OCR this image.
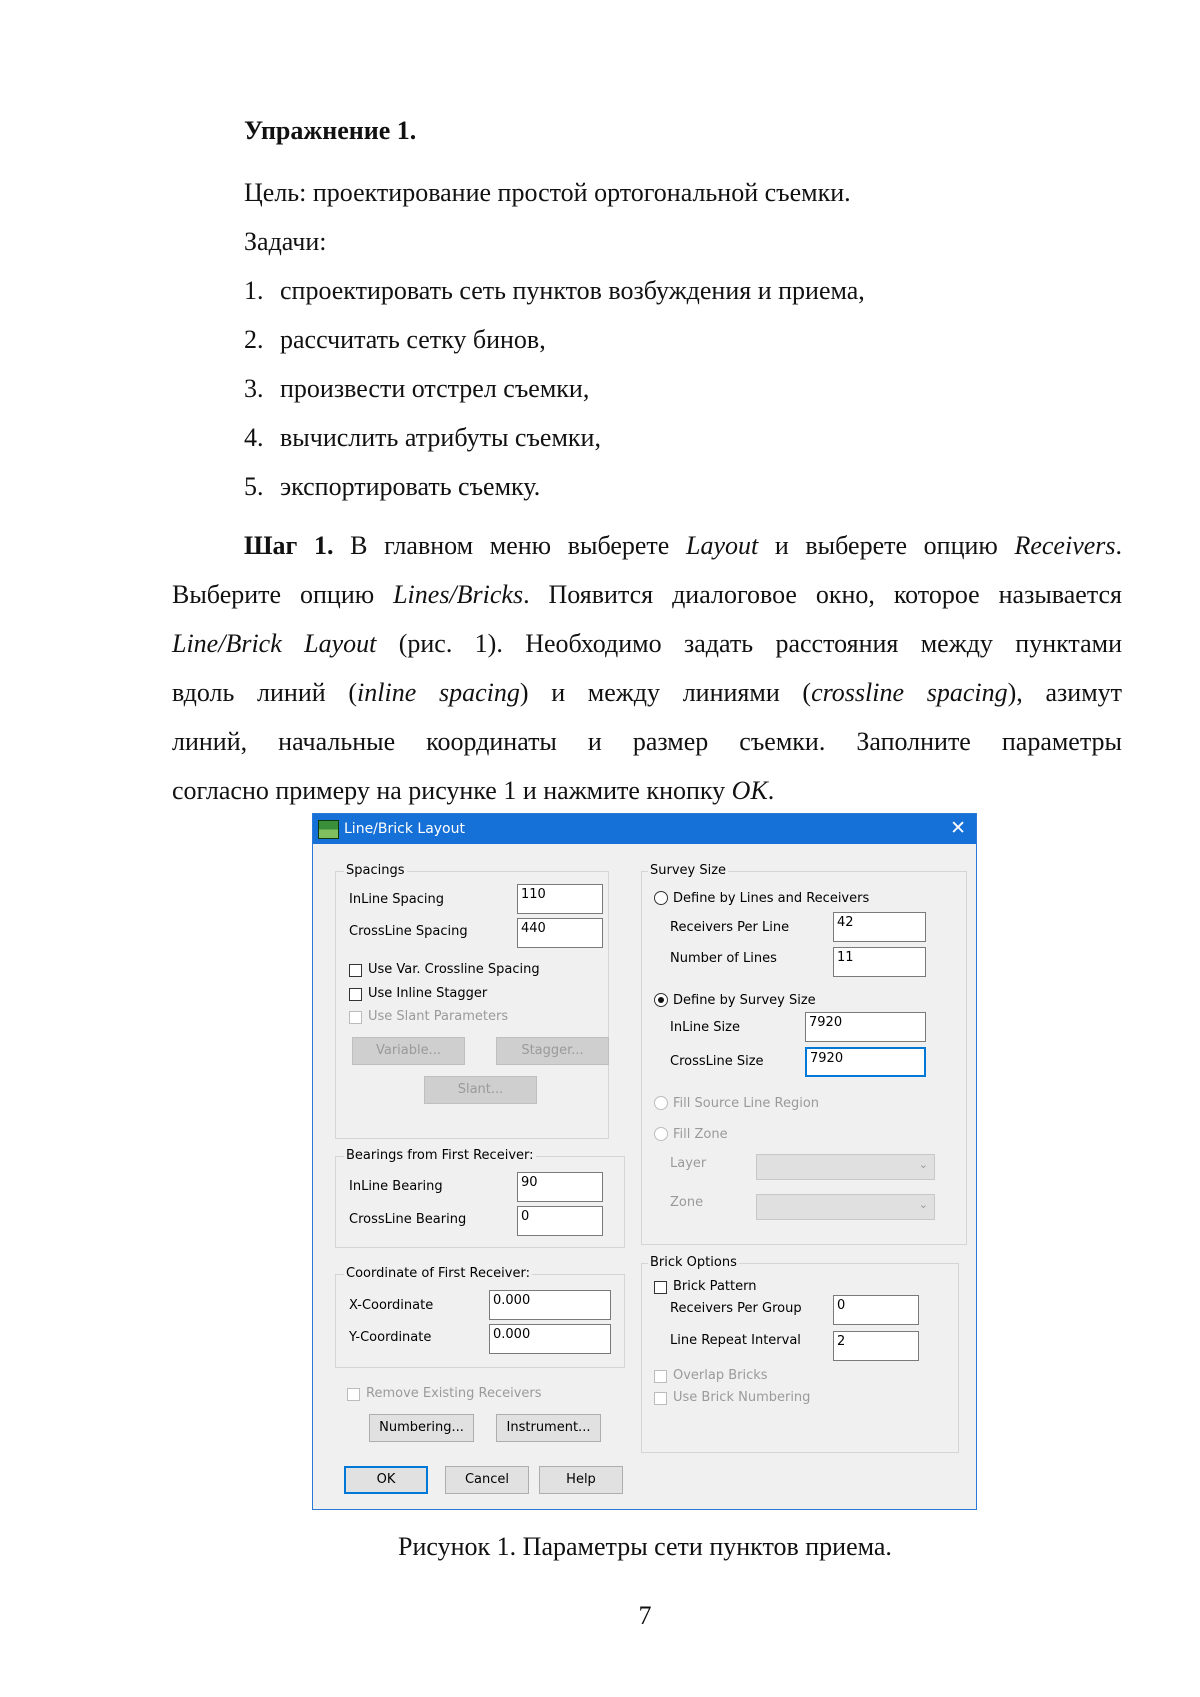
Упражнение 1.
Цель: проектирование простой ортогональной съемки.
Задачи:
1. спроектировать сеть пунктов возбуждения и приема,
2. рассчитать сетку бинов,
3. произвести отстрел съемки,
4. вычислить атрибуты съемки,
5. экспортировать съемку.
Шаг 1. В главном меню выберете Layout и выберете опцию Receivers.
Выберите опцию Lines/Bricks. Появится диалоговое окно, которое называется
Line/Brick Layout (рис. 1). Необходимо задать расстояния между пунктами
вдоль линий (inline spacing) и между линиями (crossline spacing), азимут
линий, начальные координаты и размер съемки. Заполните параметры
согласно примеру на рисунке 1 и нажмите кнопку OK.
Line/Brick Layout	✕
Spacings
InLine Spacing	110
CrossLine Spacing	440
Use Var. Crossline Spacing
Use Inline Stagger
Use Slant Parameters
Variable...	Stagger...
Slant...
Bearings from First Receiver:
InLine Bearing	90
CrossLine Bearing	0
Coordinate of First Receiver:
X-Coordinate	0.000
Y-Coordinate	0.000
Remove Existing Receivers
Numbering...	Instrument...
Survey Size
Define by Lines and Receivers
Receivers Per Line	42
Number of Lines	11
Define by Survey Size
InLine Size	7920
CrossLine Size	7920
Fill Source Line Region
Fill Zone
Layer	⌄
Zone	⌄
Brick Options
Brick Pattern
Receivers Per Group	0
Line Repeat Interval	2
Overlap Bricks
Use Brick Numbering
OK	Cancel	Help
Рисунок 1. Параметры сети пунктов приема.
7
